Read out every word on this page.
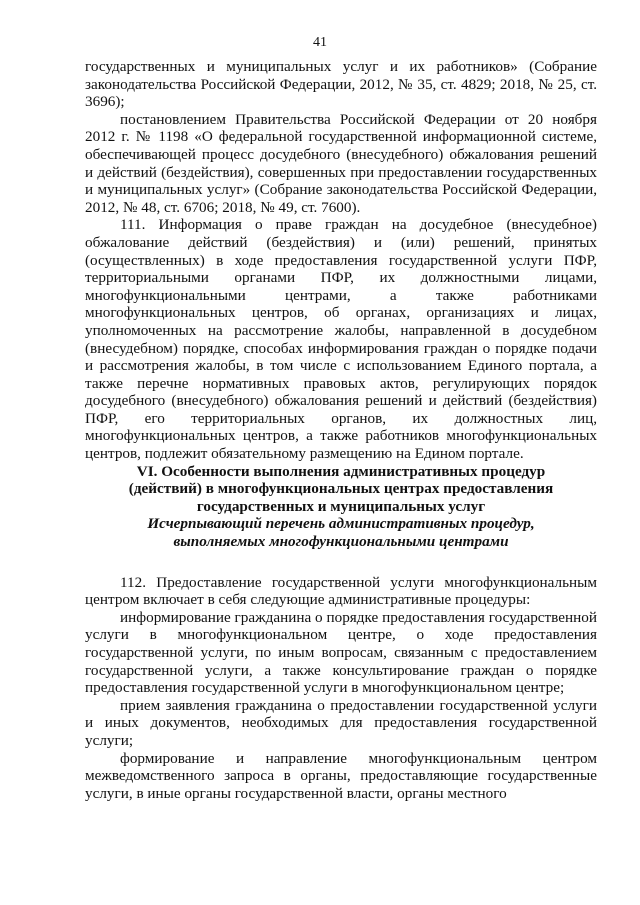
41

государственных и муниципальных услуг и их работников» (Собрание законодательства Российской Федерации, 2012, № 35, ст. 4829; 2018, № 25, ст. 3696);

постановлением Правительства Российской Федерации от 20 ноября 2012 г. № 1198 «О федеральной государственной информационной системе, обеспечивающей процесс досудебного (внесудебного) обжалования решений и действий (бездействия), совершенных при предоставлении государственных и муниципальных услуг» (Собрание законодательства Российской Федерации, 2012, № 48, ст. 6706; 2018, № 49, ст. 7600).

111. Информация о праве граждан на досудебное (внесудебное) обжалование действий (бездействия) и (или) решений, принятых (осуществленных) в ходе предоставления государственной услуги ПФР, территориальными органами ПФР, их должностными лицами, многофункциональными центрами, а также работниками многофункциональных центров, об органах, организациях и лицах, уполномоченных на рассмотрение жалобы, направленной в досудебном (внесудебном) порядке, способах информирования граждан о порядке подачи и рассмотрения жалобы, в том числе с использованием Единого портала, а также перечне нормативных правовых актов, регулирующих порядок досудебного (внесудебного) обжалования решений и действий (бездействия) ПФР, его территориальных органов, их должностных лиц, многофункциональных центров, а также работников многофункциональных центров, подлежит обязательному размещению на Едином портале.

VI. Особенности выполнения административных процедур (действий) в многофункциональных центрах предоставления государственных и муниципальных услуг

Исчерпывающий перечень административных процедур, выполняемых многофункциональными центрами

112. Предоставление государственной услуги многофункциональным центром включает в себя следующие административные процедуры:

информирование гражданина о порядке предоставления государственной услуги в многофункциональном центре, о ходе предоставления государственной услуги, по иным вопросам, связанным с предоставлением государственной услуги, а также консультирование граждан о порядке предоставления государственной услуги в многофункциональном центре;

прием заявления гражданина о предоставлении государственной услуги и иных документов, необходимых для предоставления государственной услуги;

формирование и направление многофункциональным центром межведомственного запроса в органы, предоставляющие государственные услуги, в иные органы государственной власти, органы местного
